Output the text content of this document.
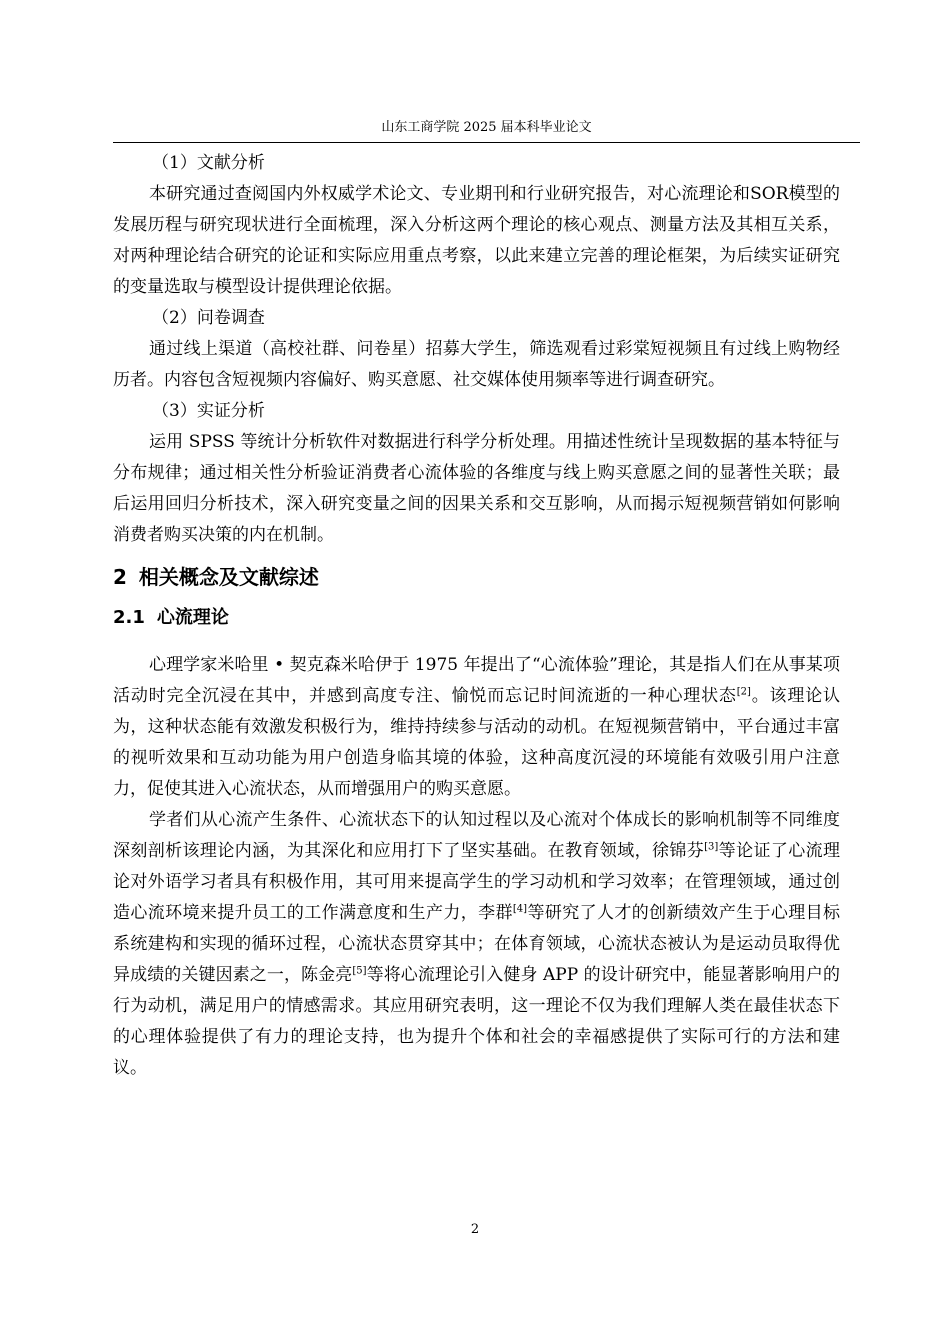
山东工商学院 2025 届本科毕业论文

（1）文献分析

本研究通过查阅国内外权威学术论文、专业期刊和行业研究报告，对心流理论和SOR模型的发展历程与研究现状进行全面梳理，深入分析这两个理论的核心观点、测量方法及其相互关系，对两种理论结合研究的论证和实际应用重点考察，以此来建立完善的理论框架，为后续实证研究的变量选取与模型设计提供理论依据。

（2）问卷调查

通过线上渠道（高校社群、问卷星）招募大学生，筛选观看过彩棠短视频且有过线上购物经历者。内容包含短视频内容偏好、购买意愿、社交媒体使用频率等进行调查研究。

（3）实证分析

运用 SPSS 等统计分析软件对数据进行科学分析处理。用描述性统计呈现数据的基本特征与分布规律；通过相关性分析验证消费者心流体验的各维度与线上购买意愿之间的显著性关联；最后运用回归分析技术，深入研究变量之间的因果关系和交互影响，从而揭示短视频营销如何影响消费者购买决策的内在机制。

2 相关概念及文献综述
2.1 心流理论

心理学家米哈里 • 契克森米哈伊于 1975 年提出了“心流体验”理论，其是指人们在从事某项活动时完全沉浸在其中，并感到高度专注、愉悦而忘记时间流逝的一种心理状态[2]。该理论认为，这种状态能有效激发积极行为，维持持续参与活动的动机。在短视频营销中，平台通过丰富的视听效果和互动功能为用户创造身临其境的体验，这种高度沉浸的环境能有效吸引用户注意力，促使其进入心流状态，从而增强用户的购买意愿。

学者们从心流产生条件、心流状态下的认知过程以及心流对个体成长的影响机制等不同维度深刻剖析该理论内涵，为其深化和应用打下了坚实基础。在教育领域，徐锦芬[3]等论证了心流理论对外语学习者具有积极作用，其可用来提高学生的学习动机和学习效率；在管理领域，通过创造心流环境来提升员工的工作满意度和生产力，李群[4]等研究了人才的创新绩效产生于心理目标系统建构和实现的循环过程，心流状态贯穿其中；在体育领域，心流状态被认为是运动员取得优异成绩的关键因素之一，陈金亮[5]等将心流理论引入健身 APP 的设计研究中，能显著影响用户的行为动机，满足用户的情感需求。其应用研究表明，这一理论不仅为我们理解人类在最佳状态下的心理体验提供了有力的理论支持，也为提升个体和社会的幸福感提供了实际可行的方法和建议。

2
